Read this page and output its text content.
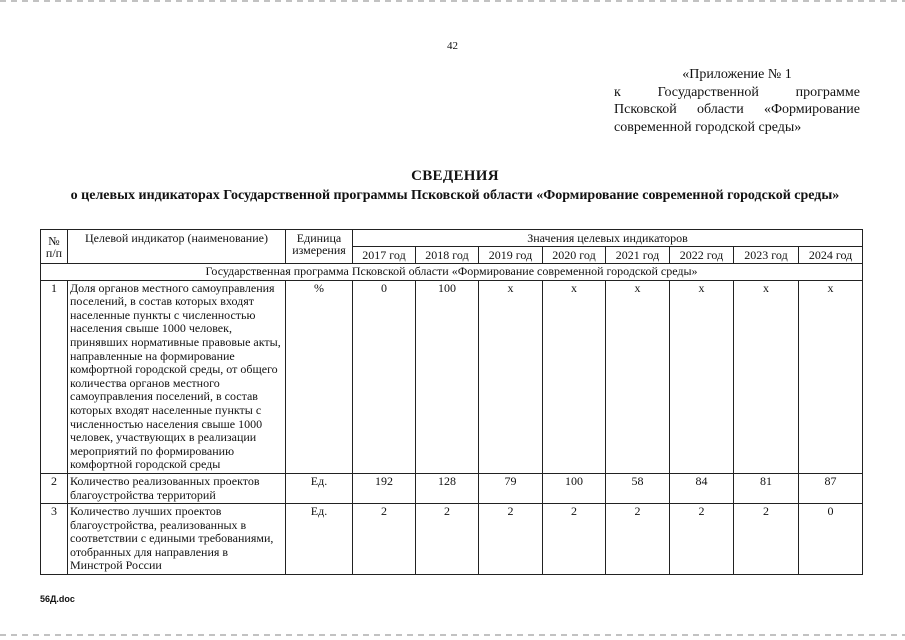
42
«Приложение № 1
к Государственной программе
Псковской области «Формирование
современной городской среды»
СВЕДЕНИЯ
о целевых индикаторах Государственной программы Псковской области «Формирование современной городской среды»
№ п/п	Целевой индикатор (наименование)	Единица измерения	Значения целевых индикаторов							
			2017 год	2018 год	2019 год	2020 год	2021 год	2022 год	2023 год	2024 год
Государственная программа Псковской области «Формирование современной городской среды»										
1	Доля органов местного самоуправления поселений, в состав которых входят населенные пункты с численностью населения свыше 1000 человек, принявших нормативные правовые акты, направленные на формирование комфортной городской среды, от общего количества органов местного самоуправления поселений, в состав которых входят населенные пункты с численностью населения свыше 1000 человек, участвующих в реализации мероприятий по формированию комфортной городской среды	%	0	100	х	х	х	х	х	х
2	Количество реализованных проектов благоустройства территорий	Ед.	192	128	79	100	58	84	81	87
3	Количество лучших проектов благоустройства, реализованных в соответствии с едиными требованиями, отобранных для направления в Минстрой России	Ед.	2	2	2	2	2	2	2	0
56Д.doc
